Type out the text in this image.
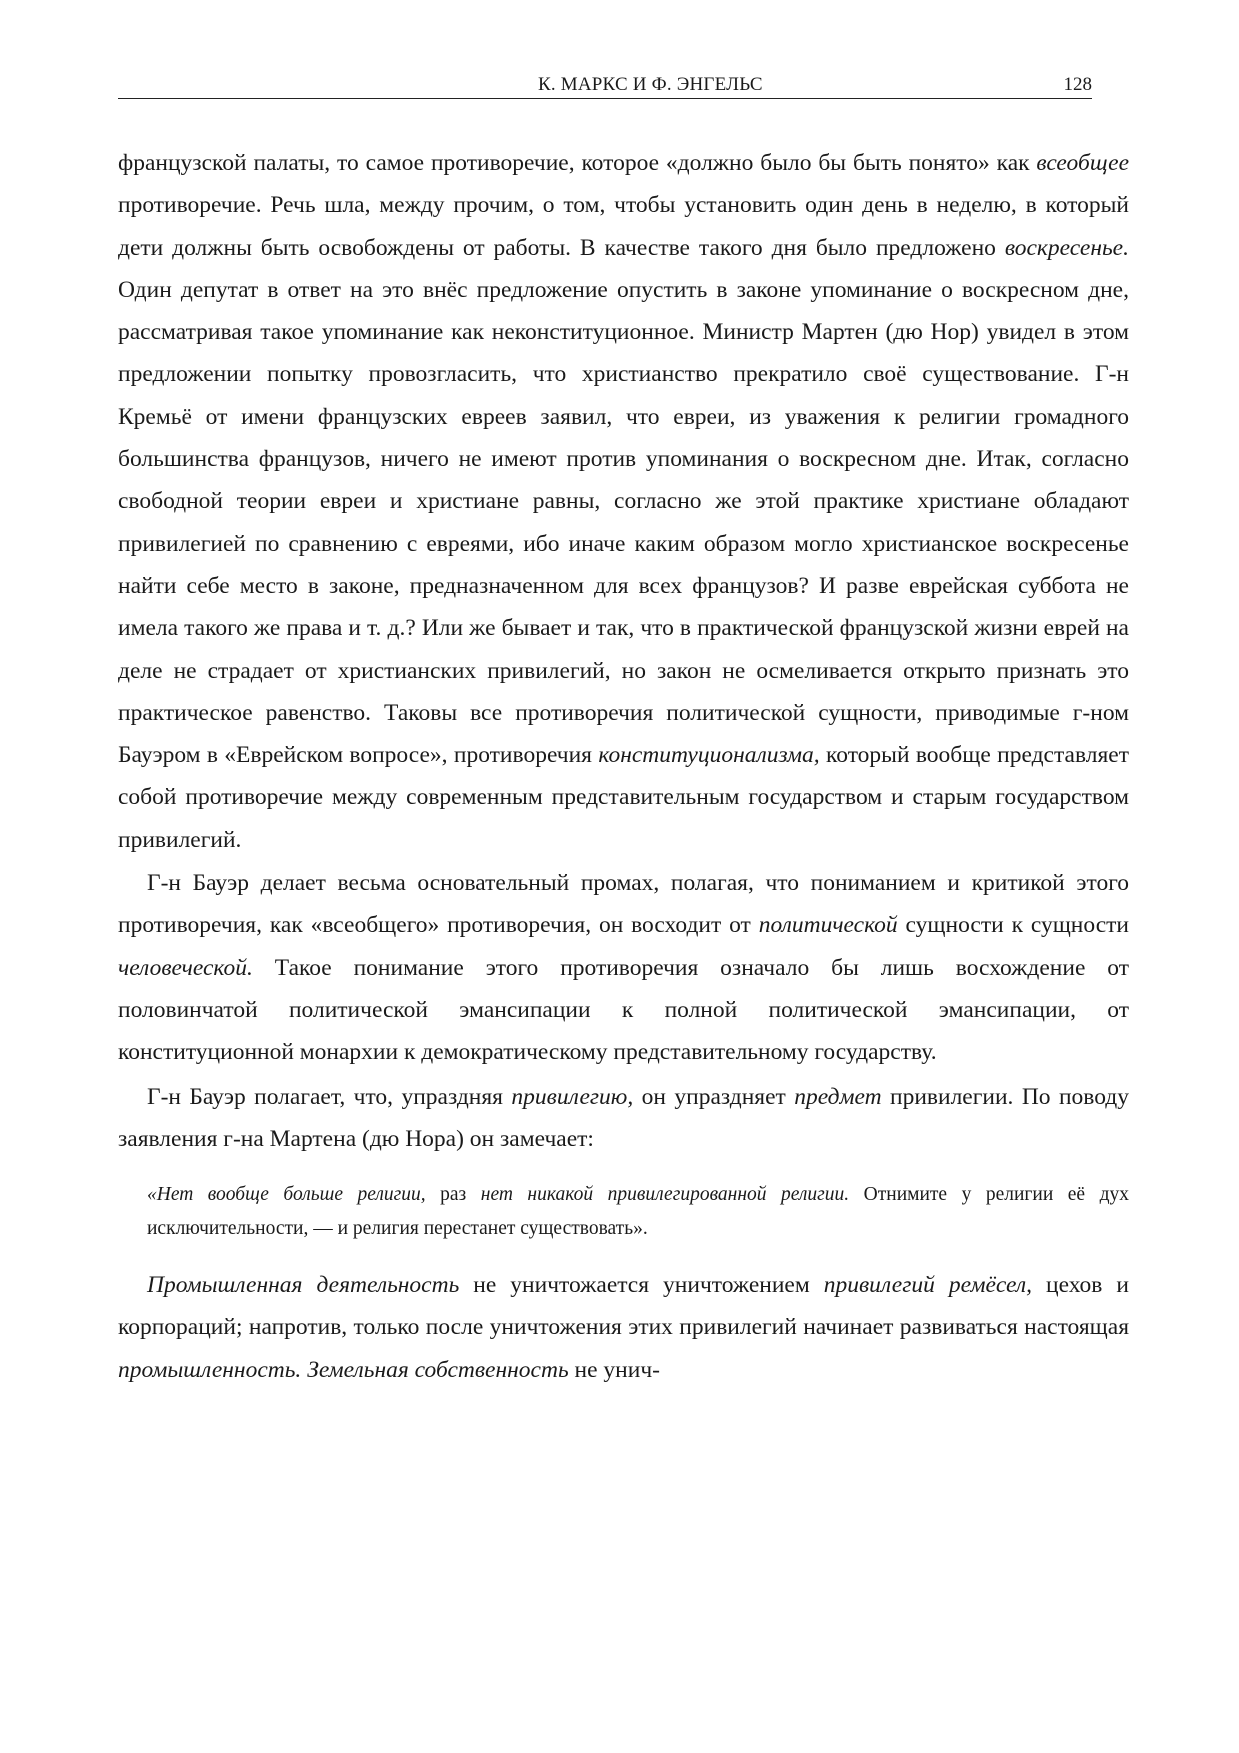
К. МАРКС И Ф. ЭНГЕЛЬС	128

французской палаты, то самое противоречие, которое «должно было бы быть понято» как всеобщее противоречие. Речь шла, между прочим, о том, чтобы установить один день в неделю, в который дети должны быть освобождены от работы. В качестве такого дня было предложено воскресенье. Один депутат в ответ на это внёс предложение опустить в законе упоминание о воскресном дне, рассматривая такое упоминание как неконституционное. Министр Мартен (дю Нор) увидел в этом предложении попытку провозгласить, что христианство прекратило своё существование. Г-н Кремьё от имени французских евреев заявил, что евреи, из уважения к религии громадного большинства французов, ничего не имеют против упоминания о воскресном дне. Итак, согласно свободной теории евреи и христиане равны, согласно же этой практике христиане обладают привилегией по сравнению с евреями, ибо иначе каким образом могло христианское воскресенье найти себе место в законе, предназначенном для всех французов? И разве еврейская суббота не имела такого же права и т. д.? Или же бывает и так, что в практической французской жизни еврей на деле не страдает от христианских привилегий, но закон не осмеливается открыто признать это практическое равенство. Таковы все противоречия политической сущности, приводимые г-ном Бауэром в «Еврейском вопросе», противоречия конституционализма, который вообще представляет собой противоречие между современным представительным государством и старым государством привилегий.

Г-н Бауэр делает весьма основательный промах, полагая, что пониманием и критикой этого противоречия, как «всеобщего» противоречия, он восходит от политической сущности к сущности человеческой. Такое понимание этого противоречия означало бы лишь восхождение от половинчатой политической эмансипации к полной политической эмансипации, от конституционной монархии к демократическому представительному государству.

Г-н Бауэр полагает, что, упраздняя привилегию, он упраздняет предмет привилегии. По поводу заявления г-на Мартена (дю Нора) он замечает:

«Нет вообще больше религии, раз нет никакой привилегированной религии. Отнимите у религии её дух исключительности, — и религия перестанет существовать».

Промышленная деятельность не уничтожается уничтожением привилегий ремёсел, цехов и корпораций; напротив, только после уничтожения этих привилегий начинает развиваться настоящая промышленность. Земельная собственность не унич-
